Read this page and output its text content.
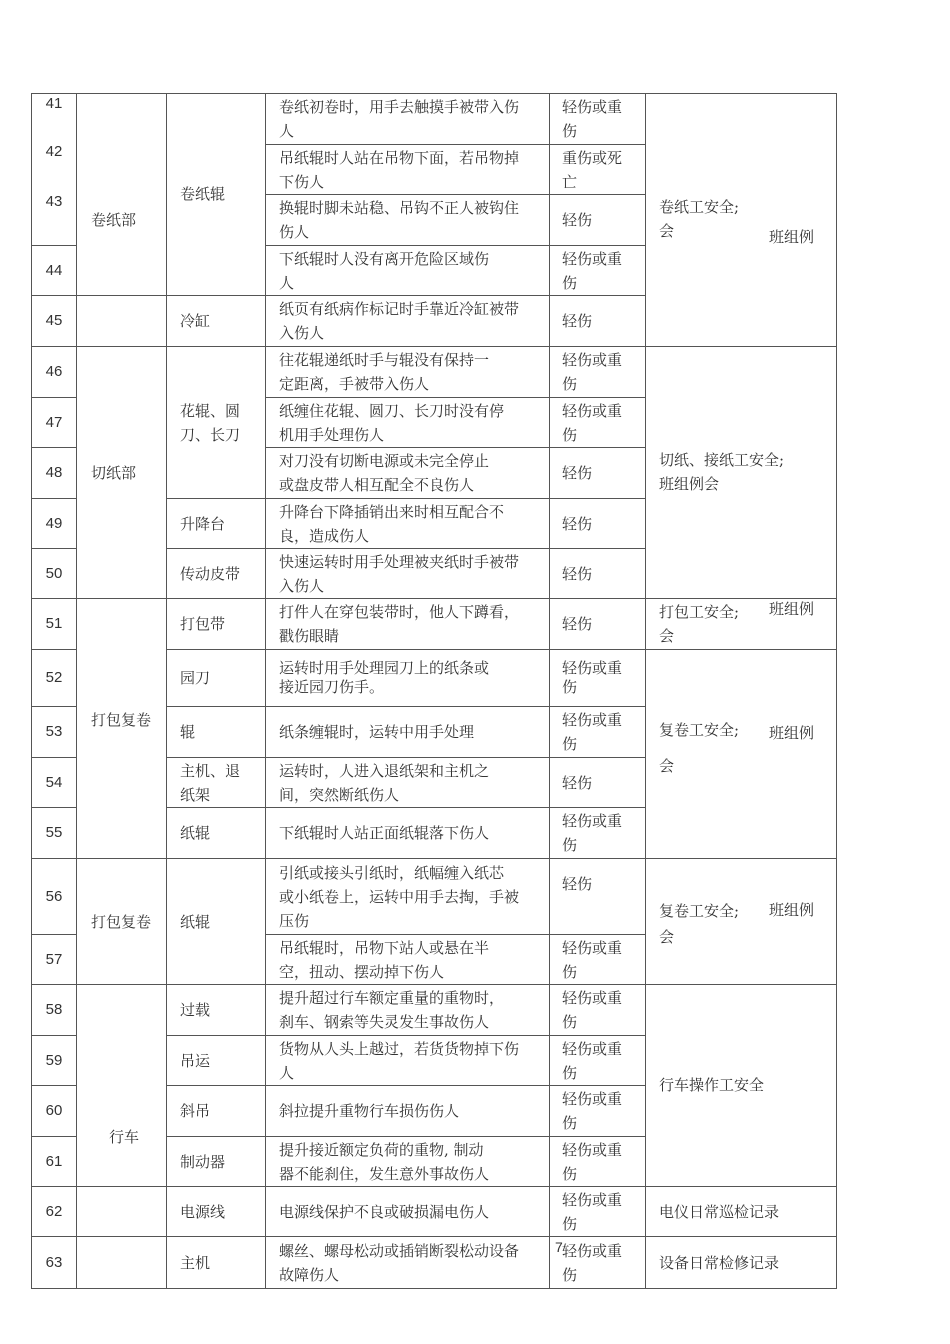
41
42
43
44
45
46
47
48
49
50
51
52
53
54
55
56
57
58
59
60
61
62
63
卷纸部
切纸部
打包复卷
打包复卷
行车
卷纸辊
冷缸
花辊、圆
刀、长刀
升降台
传动皮带
打包带
园刀
辊
主机、退
纸架
纸辊
纸辊
过载
吊运
斜吊
制动器
电源线
主机
卷纸初卷时，用手去触摸手被带入伤
人
吊纸辊时人站在吊物下面，若吊物掉
下伤人
换辊时脚未站稳、吊钩不正人被钩住
伤人
下纸辊时人没有离开危险区域伤
人
纸页有纸病作标记时手靠近冷缸被带
入伤人
往花辊递纸时手与辊没有保持一
定距离，手被带入伤人
纸缠住花辊、圆刀、长刀时没有停
机用手处理伤人
对刀没有切断电源或未完全停止
或盘皮带人相互配全不良伤人
升降台下降插销出来时相互配合不
良，造成伤人
快速运转时用手处理被夹纸时手被带
入伤人
打件人在穿包装带时，他人下蹲看，
戳伤眼睛
运转时用手处理园刀上的纸条或
接近园刀伤手。
纸条缠辊时，运转中用手处理
运转时，人进入退纸架和主机之
间，突然断纸伤人
下纸辊时人站正面纸辊落下伤人
引纸或接头引纸时，纸幅缠入纸芯
或小纸卷上，运转中用手去掏，手被
压伤
吊纸辊时，吊物下站人或悬在半
空，扭动、摆动掉下伤人
提升超过行车额定重量的重物时，
刹车、钢索等失灵发生事故伤人
货物从人头上越过，若货货物掉下伤
人
斜拉提升重物行车损伤伤人
提升接近额定负荷的重物, 制动
器不能刹住，发生意外事故伤人
电源线保护不良或破损漏电伤人
螺丝、螺母松动或插销断裂松动设备
故障伤人
轻伤或重
伤
重伤或死
亡
轻伤
轻伤或重
伤
轻伤
轻伤或重
伤
轻伤或重
伤
轻伤
轻伤
轻伤
轻伤
轻伤或重
伤
轻伤或重
伤
轻伤
轻伤或重
伤
轻伤
轻伤或重
伤
轻伤或重
伤
轻伤或重
伤
轻伤或重
伤
轻伤或重
伤
轻伤或重
伤
轻伤或重
伤
7
卷纸工安全;
会	班组例
切纸、接纸工安全;
班组例会
打包工安全;
会
班组例
复卷工安全;

会
班组例
复卷工安全;
会
班组例
行车操作工安全
电仪日常巡检记录
设备日常检修记录
